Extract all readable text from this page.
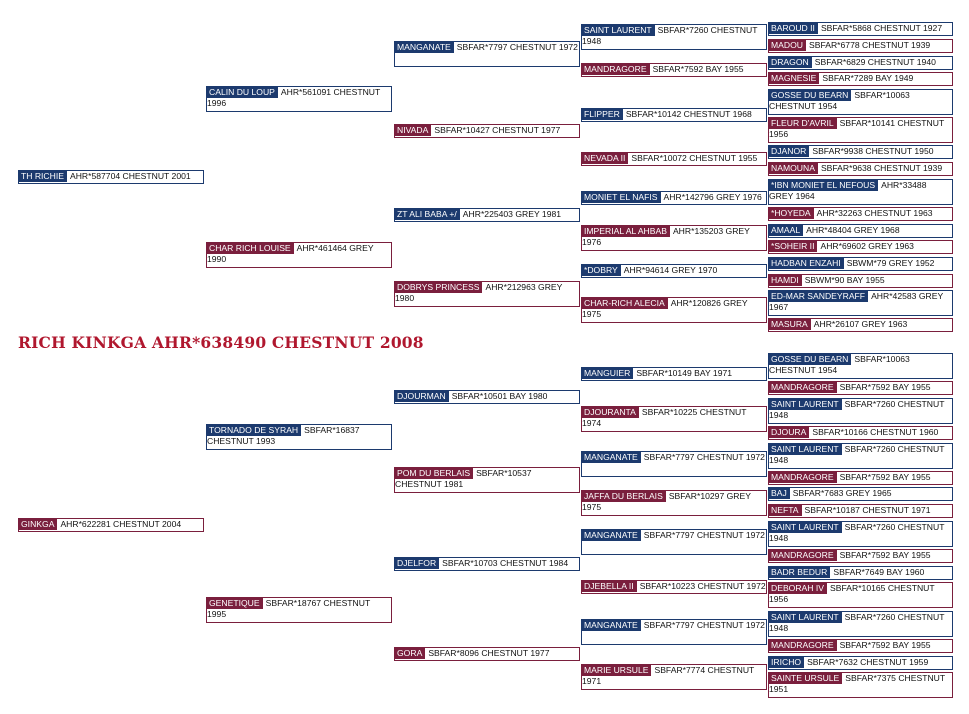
RICH KINKGA AHR*638490 CHESTNUT 2008
TH RICHIE AHR*587704 CHESTNUT 2001
GINKGA AHR*622281 CHESTNUT 2004
CALIN DU LOUP AHR*561091 CHESTNUT 1996
CHAR RICH LOUISE AHR*461464 GREY 1990
TORNADO DE SYRAH SBFAR*16837 CHESTNUT 1993
GENETIQUE SBFAR*18767 CHESTNUT 1995
MANGANATE SBFAR*7797 CHESTNUT 1972
NIVADA SBFAR*10427 CHESTNUT 1977
ZT ALI BABA +/ AHR*225403 GREY 1981
DOBRYS PRINCESS AHR*212963 GREY 1980
DJOURMAN SBFAR*10501 BAY 1980
POM DU BERLAIS SBFAR*10537 CHESTNUT 1981
DJELFOR SBFAR*10703 CHESTNUT 1984
GORA SBFAR*8096 CHESTNUT 1977
SAINT LAURENT SBFAR*7260 CHESTNUT 1948
MANDRAGORE SBFAR*7592 BAY 1955
FLIPPER SBFAR*10142 CHESTNUT 1968
NEVADA II SBFAR*10072 CHESTNUT 1955
MONIET EL NAFIS AHR*142796 GREY 1976
IMPERIAL AL AHBAB AHR*135203 GREY 1976
*DOBRY AHR*94614 GREY 1970
CHAR-RICH ALECIA AHR*120826 GREY 1975
MANGUIER SBFAR*10149 BAY 1971
DJOURANTA SBFAR*10225 CHESTNUT 1974
MANGANATE SBFAR*7797 CHESTNUT 1972
JAFFA DU BERLAIS SBFAR*10297 GREY 1975
MANGANATE SBFAR*7797 CHESTNUT 1972
DJEBELLA II SBFAR*10223 CHESTNUT 1972
MANGANATE SBFAR*7797 CHESTNUT 1972
MARIE URSULE SBFAR*7774 CHESTNUT 1971
BAROUD II SBFAR*5868 CHESTNUT 1927
MADOU SBFAR*6778 CHESTNUT 1939
DRAGON SBFAR*6829 CHESTNUT 1940
MAGNESIE SBFAR*7289 BAY 1949
GOSSE DU BEARN SBFAR*10063 CHESTNUT 1954
FLEUR D'AVRIL SBFAR*10141 CHESTNUT 1956
DJANOR SBFAR*9938 CHESTNUT 1950
NAMOUNA SBFAR*9638 CHESTNUT 1939
*IBN MONIET EL NEFOUS AHR*33488 GREY 1964
*HOYEDA AHR*32263 CHESTNUT 1963
AMAAL AHR*48404 GREY 1968
*SOHEIR II AHR*69602 GREY 1963
HADBAN ENZAHI SBWM*79 GREY 1952
HAMDI SBWM*90 BAY 1955
ED-MAR SANDEYRAFF AHR*42583 GREY 1967
MASURA AHR*26107 GREY 1963
GOSSE DU BEARN SBFAR*10063 CHESTNUT 1954
MANDRAGORE SBFAR*7592 BAY 1955
SAINT LAURENT SBFAR*7260 CHESTNUT 1948
DJOURA SBFAR*10166 CHESTNUT 1960
SAINT LAURENT SBFAR*7260 CHESTNUT 1948
MANDRAGORE SBFAR*7592 BAY 1955
BAJ SBFAR*7683 GREY 1965
NEFTA SBFAR*10187 CHESTNUT 1971
SAINT LAURENT SBFAR*7260 CHESTNUT 1948
MANDRAGORE SBFAR*7592 BAY 1955
BADR BEDUR SBFAR*7649 BAY 1960
DEBORAH IV SBFAR*10165 CHESTNUT 1956
SAINT LAURENT SBFAR*7260 CHESTNUT 1948
MANDRAGORE SBFAR*7592 BAY 1955
IRICHO SBFAR*7632 CHESTNUT 1959
SAINTE URSULE SBFAR*7375 CHESTNUT 1951
